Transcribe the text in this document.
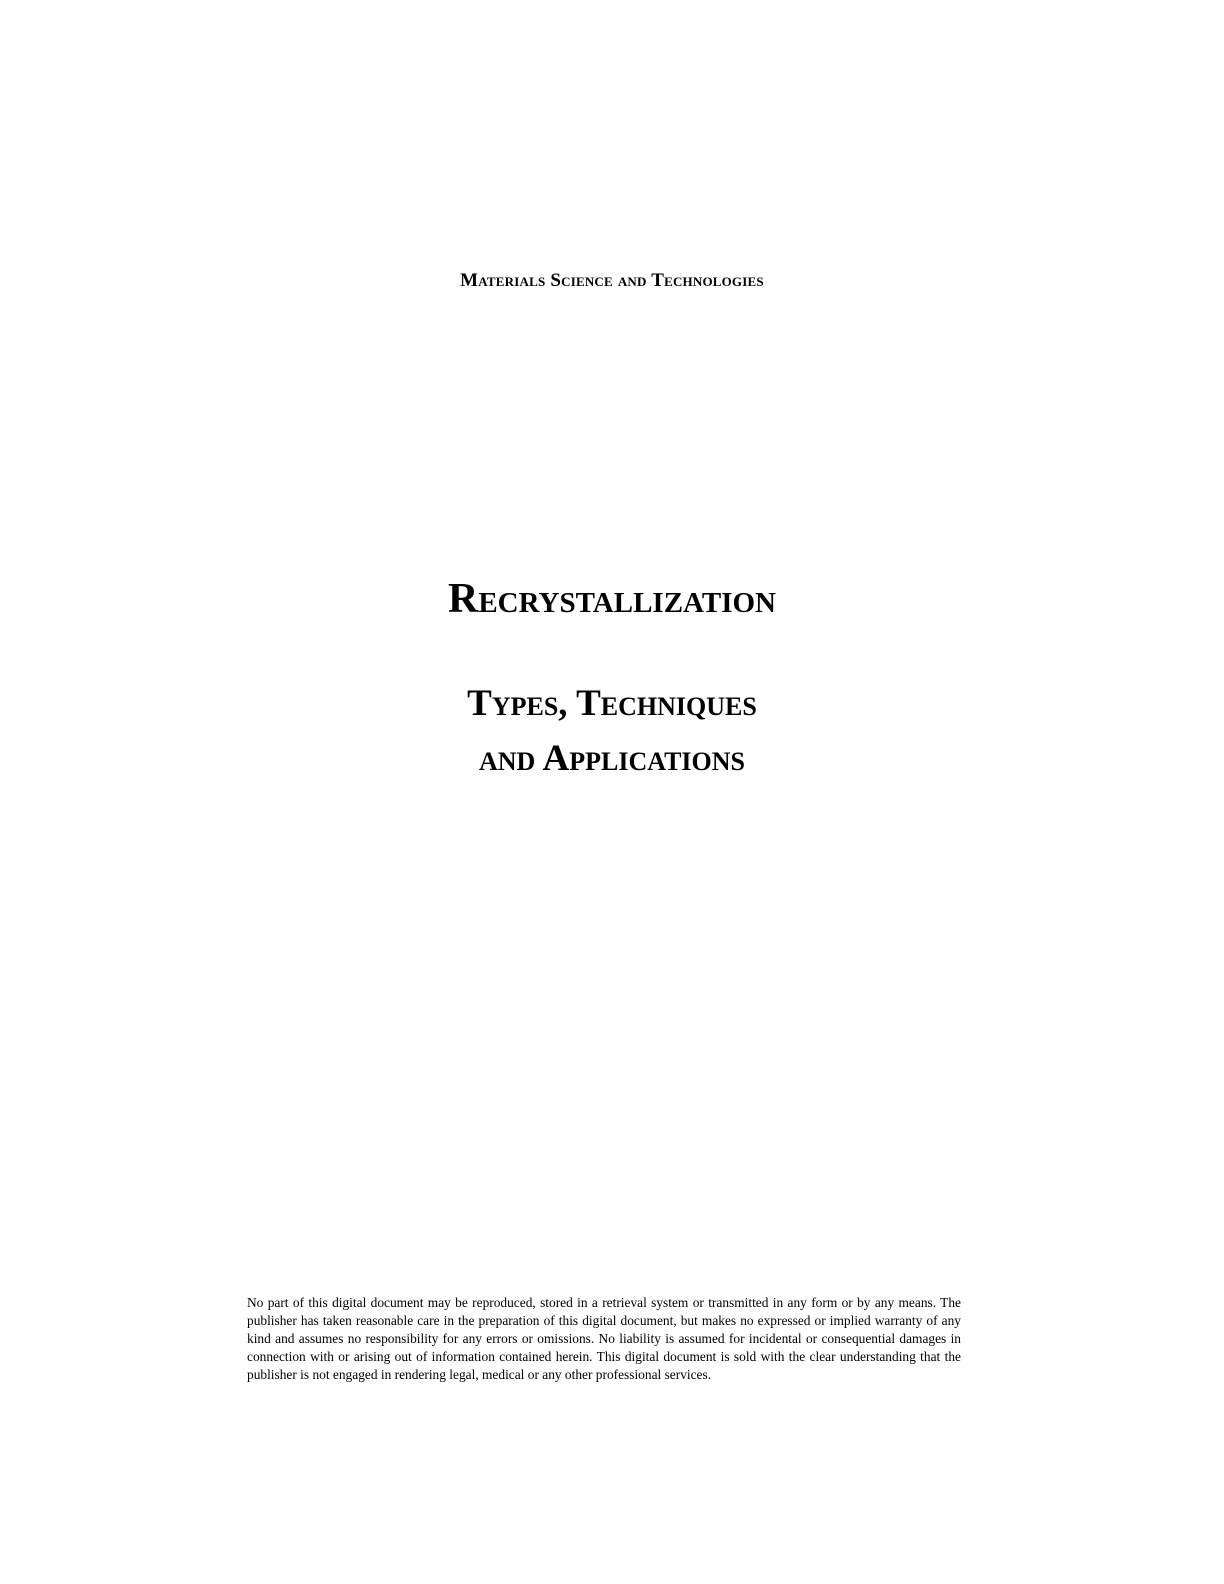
Materials Science and Technologies
Recrystallization
Types, Techniques
and Applications
No part of this digital document may be reproduced, stored in a retrieval system or transmitted in any form or by any means. The publisher has taken reasonable care in the preparation of this digital document, but makes no expressed or implied warranty of any kind and assumes no responsibility for any errors or omissions. No liability is assumed for incidental or consequential damages in connection with or arising out of information contained herein. This digital document is sold with the clear understanding that the publisher is not engaged in rendering legal, medical or any other professional services.
